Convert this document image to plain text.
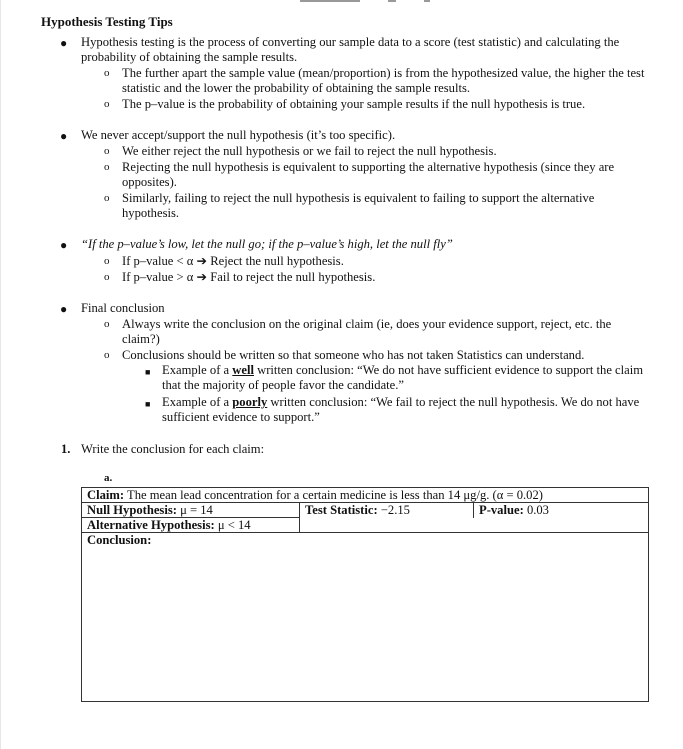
Hypothesis Testing Tips
● Hypothesis testing is the process of converting our sample data to a score (test statistic) and calculating the probability of obtaining the sample results.
o The further apart the sample value (mean/proportion) is from the hypothesized value, the higher the test statistic and the lower the probability of obtaining the sample results.
o The p–value is the probability of obtaining your sample results if the null hypothesis is true.
● We never accept/support the null hypothesis (it’s too specific).
o We either reject the null hypothesis or we fail to reject the null hypothesis.
o Rejecting the null hypothesis is equivalent to supporting the alternative hypothesis (since they are opposites).
o Similarly, failing to reject the null hypothesis is equivalent to failing to support the alternative hypothesis.
● “If the p–value’s low, let the null go; if the p–value’s high, let the null fly”
o If p–value < α ➔ Reject the null hypothesis.
o If p–value > α ➔ Fail to reject the null hypothesis.
● Final conclusion
o Always write the conclusion on the original claim (ie, does your evidence support, reject, etc. the claim?)
o Conclusions should be written so that someone who has not taken Statistics can understand.
■ Example of a well written conclusion: “We do not have sufficient evidence to support the claim that the majority of people favor the candidate.”
■ Example of a poorly written conclusion: “We fail to reject the null hypothesis. We do not have sufficient evidence to support.”
1. Write the conclusion for each claim:
a.
Claim: The mean lead concentration for a certain medicine is less than 14 μg/g. (α = 0.02)		
Null Hypothesis: μ = 14	Test Statistic: −2.15	P-value: 0.03
Alternative Hypothesis: μ < 14		
Conclusion:		
